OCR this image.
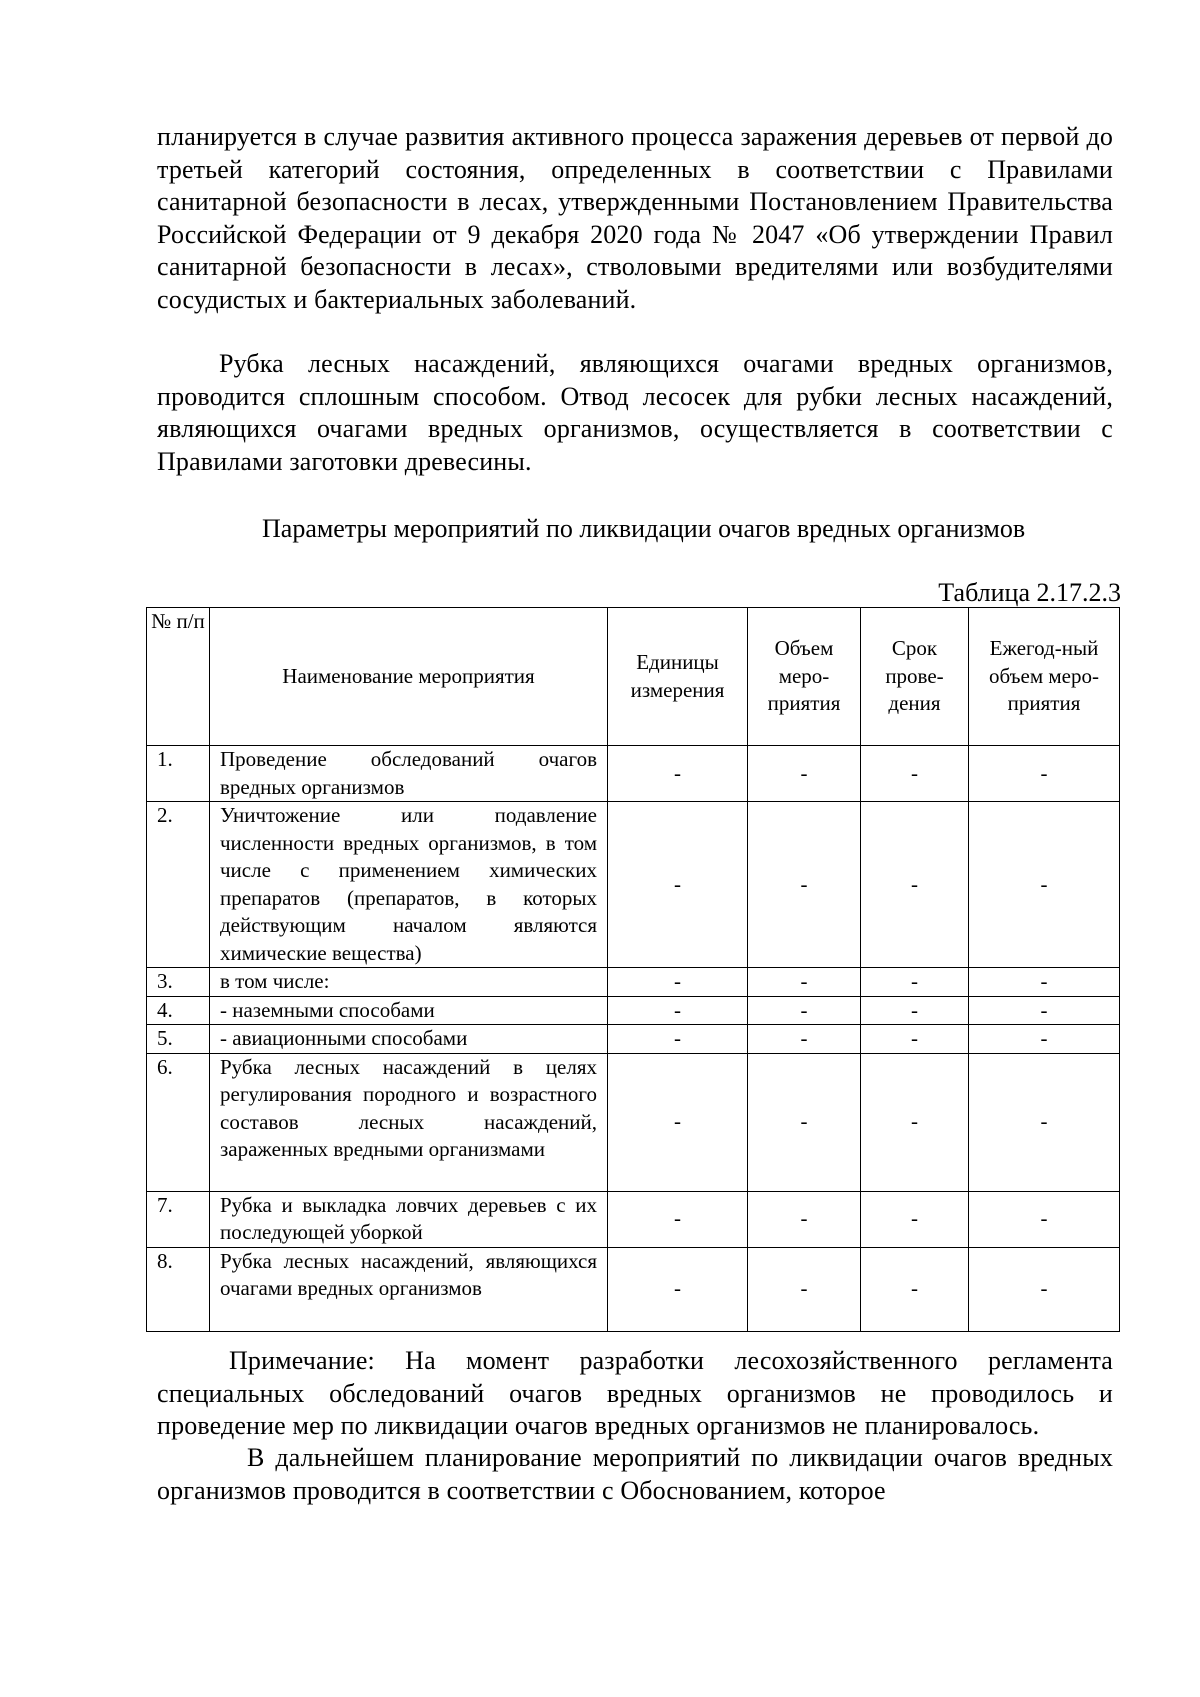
планируется в случае развития активного процесса заражения деревьев от первой до третьей категорий состояния, определенных в соответствии с Правилами санитарной безопасности в лесах, утвержденными Постановлением Правительства Российской Федерации от 9 декабря 2020 года № 2047 «Об утверждении Правил санитарной безопасности в лесах», стволовыми вредителями или возбудителями сосудистых и бактериальных заболеваний.

Рубка лесных насаждений, являющихся очагами вредных организмов, проводится сплошным способом. Отвод лесосек для рубки лесных насаждений, являющихся очагами вредных организмов, осуществляется в соответствии с Правилами заготовки древесины.

Параметры мероприятий по ликвидации очагов вредных организмов
Таблица 2.17.2.3
№ п/п	Наименование мероприятия	Единицы измерения	Объем меро-приятия	Срок прове-дения	Ежегод-ный объем меро-приятия
1.	Проведение обследований очагов вредных организмов	-	-	-	-
2.	Уничтожение или подавление численности вредных организмов, в том числе с применением химических препаратов (препаратов, в которых действующим началом являются химические вещества)	-	-	-	-
3.	в том числе:	-	-	-	-
4.	- наземными способами	-	-	-	-
5.	- авиационными способами	-	-	-	-
6.	Рубка лесных насаждений в целях регулирования породного и возрастного составов лесных насаждений, зараженных вредными организмами	-	-	-	-
7.	Рубка и выкладка ловчих деревьев с их последующей уборкой	-	-	-	-
8.	Рубка лесных насаждений, являющихся очагами вредных организмов	-	-	-	-

Примечание: На момент разработки лесохозяйственного регламента специальных обследований очагов вредных организмов не проводилось и проведение мер по ликвидации очагов вредных организмов не планировалось.

В дальнейшем планирование мероприятий по ликвидации очагов вредных организмов проводится в соответствии с Обоснованием, которое
